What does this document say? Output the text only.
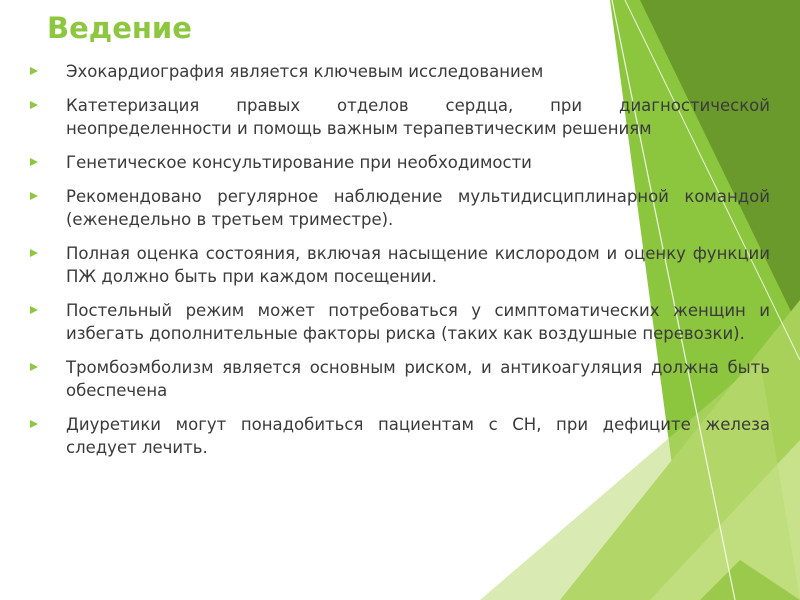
Ведение
Эхокардиография является ключевым исследованием
Катетеризация правых отделов сердца, при диагностической неопределенности и помощь важным терапевтическим решениям
Генетическое консультирование при необходимости
Рекомендовано регулярное наблюдение мультидисциплинарной командой (еженедельно в третьем триместре).
Полная оценка состояния, включая насыщение кислородом и оценку функции ПЖ должно быть при каждом посещении.
Постельный режим может потребоваться у симптоматических женщин и избегать дополнительные факторы риска (таких как воздушные перевозки).
Тромбоэмболизм является основным риском, и антикоагуляция должна быть обеспечена
Диуретики могут понадобиться пациентам с СН, при дефиците железа следует лечить.
